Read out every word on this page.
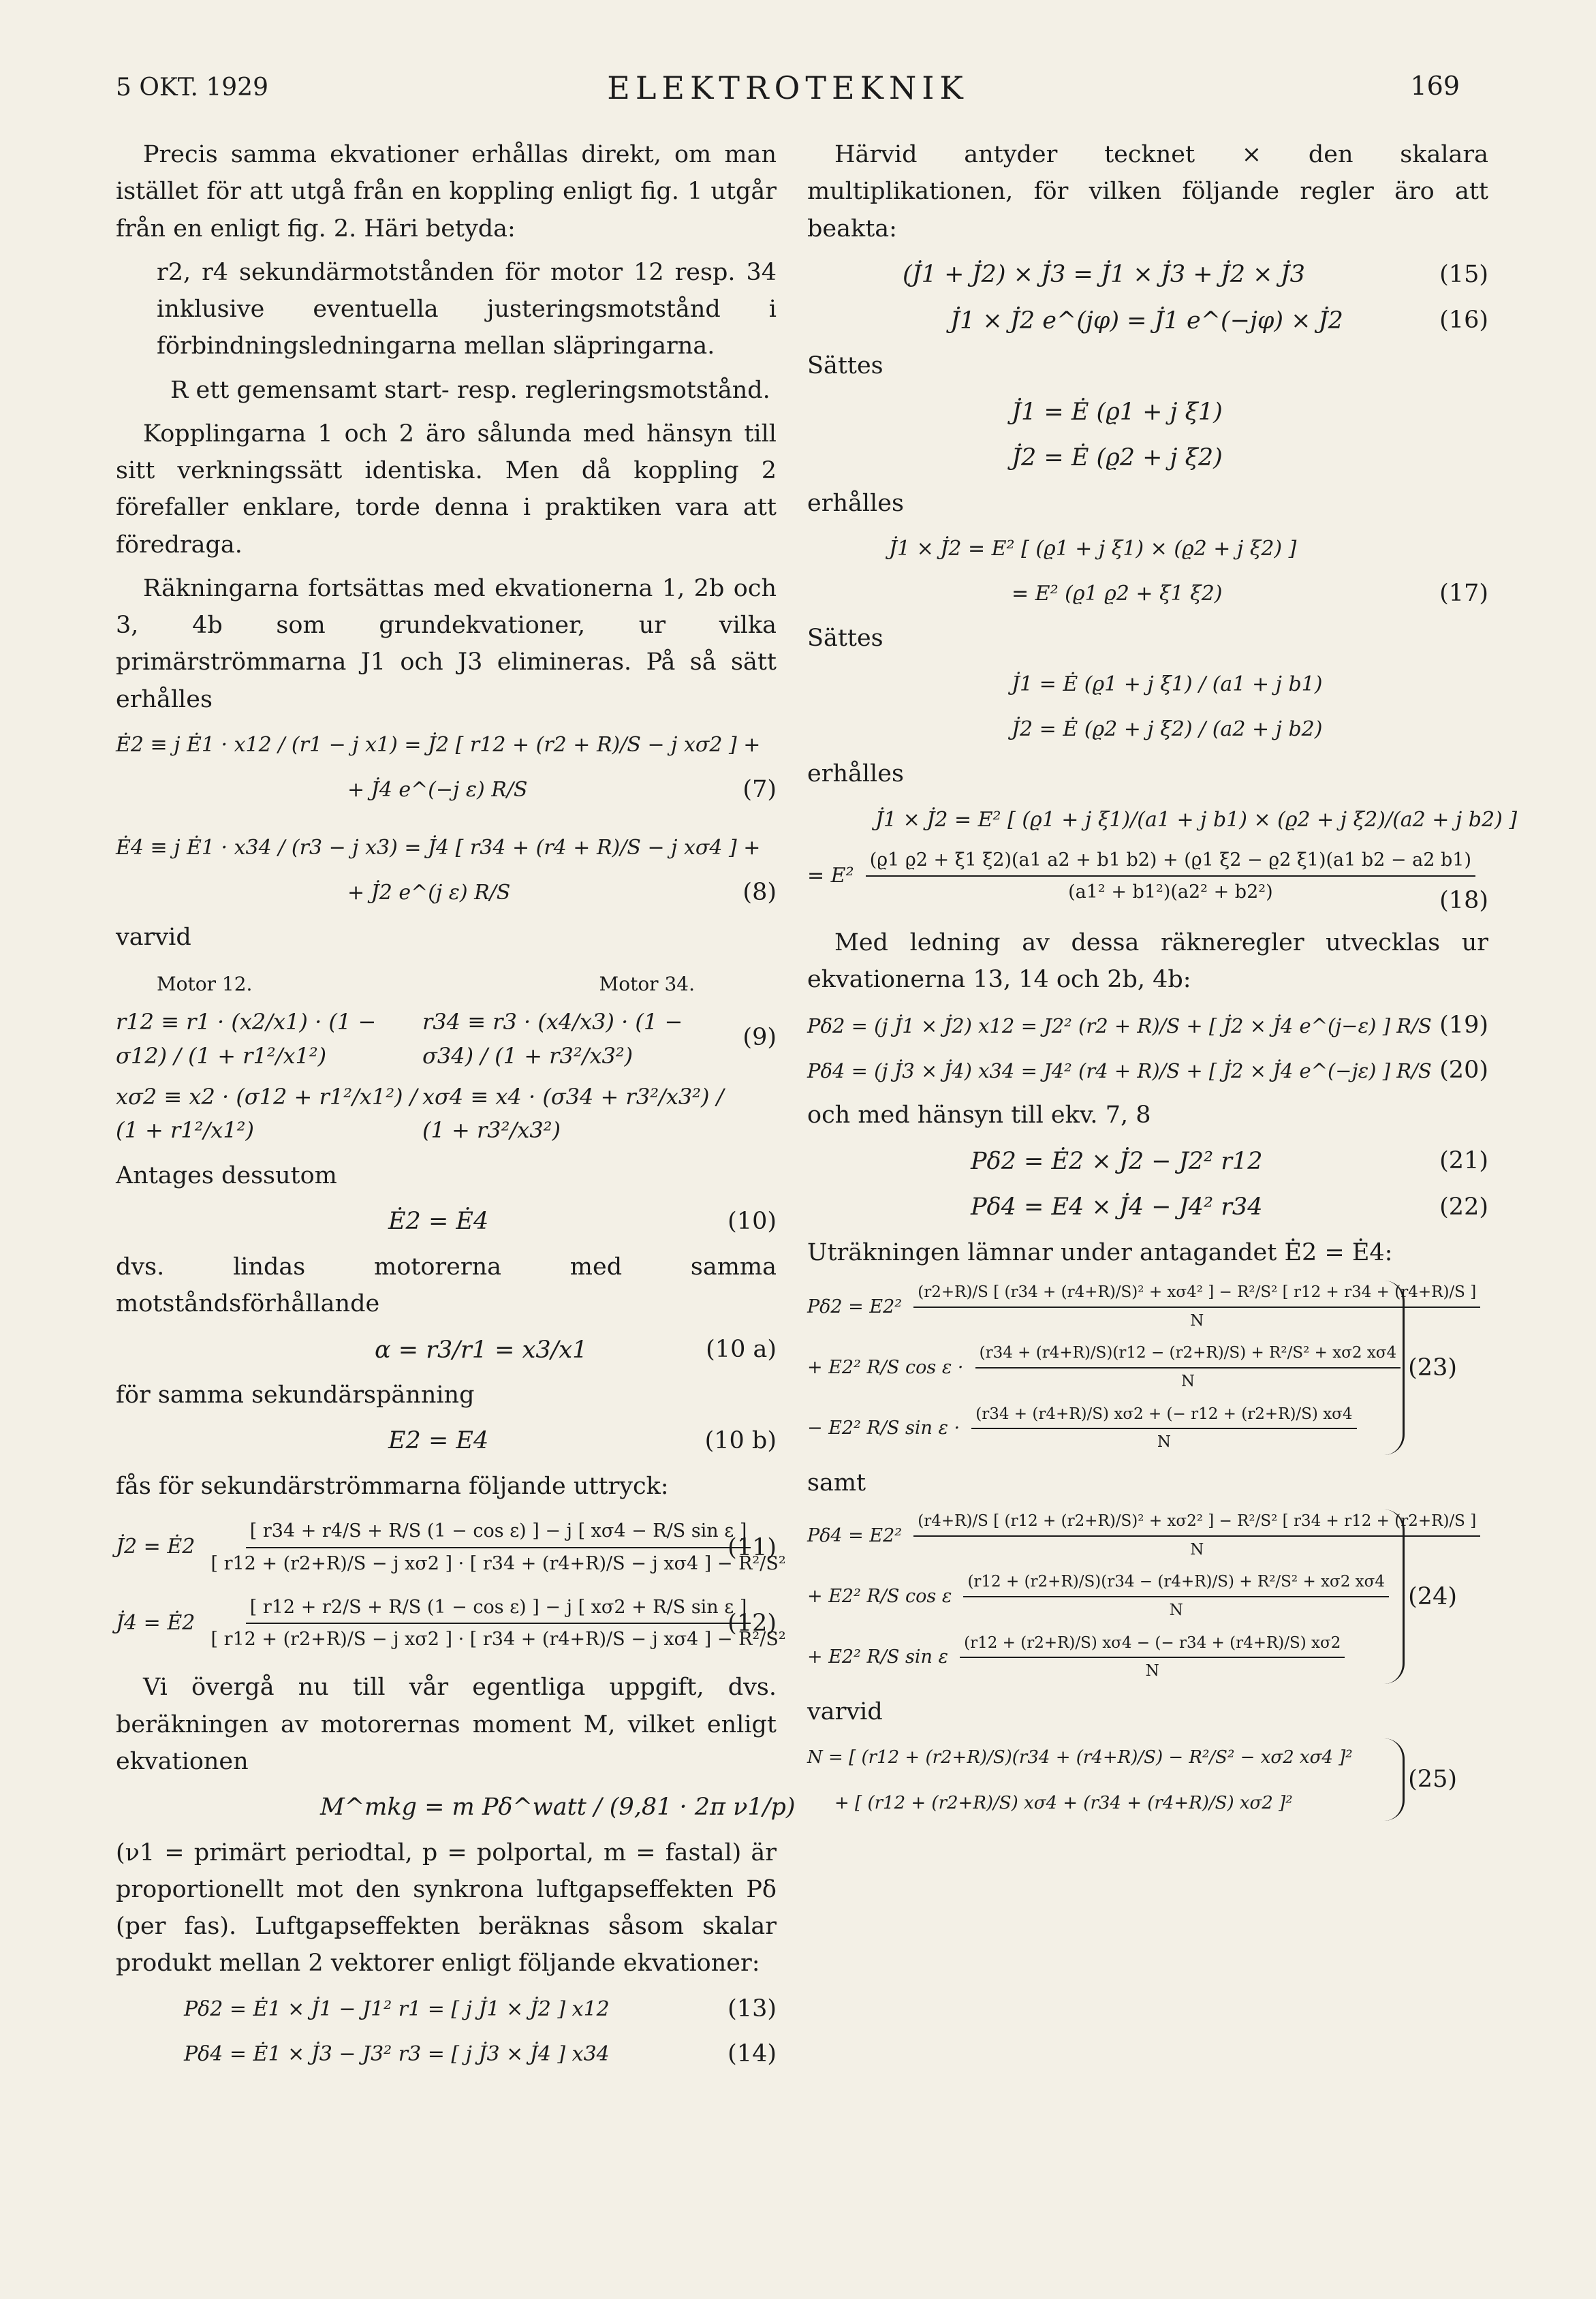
5 OKT. 1929	ELEKTROTEKNIK	169

Precis samma ekvationer erhållas direkt, om man istället för att utgå från en koppling enligt fig. 1 utgår från en enligt fig. 2. Häri betyda:

r2, r4 sekundärmotstånden för motor 12 resp. 34 inklusive eventuella justeringsmotstånd i förbindningsledningarna mellan släpringarna.

R ett gemensamt start- resp. regleringsmotstånd.

Kopplingarna 1 och 2 äro sålunda med hänsyn till sitt verkningssätt identiska. Men då koppling 2 förefaller enklare, torde denna i praktiken vara att föredraga.

Räkningarna fortsättas med ekvationerna 1, 2b och 3, 4b som grundekvationer, ur vilka primärströmmarna J1 och J3 elimineras. På så sätt erhålles

Ė2 ≡ j Ė1 · x12 / (r1 − j x1) = J̇2 [ r12 + (r2 + R)/S − j xσ2 ] +
+ J̇4 e^(−j ε) R/S	(7)
Ė4 ≡ j Ė1 · x34 / (r3 − j x3) = J̇4 [ r34 + (r4 + R)/S − j xσ4 ] +
+ J̇2 e^(j ε) R/S	(8)

varvid

Motor 12.	Motor 34.
r12 ≡ r1 · (x2/x1) · (1 − σ12) / (1 + r1²/x1²)
r34 ≡ r3 · (x4/x3) · (1 − σ34) / (1 + r3²/x3²)
xσ2 ≡ x2 · (σ12 + r1²/x1²) / (1 + r1²/x1²)
xσ4 ≡ x4 · (σ34 + r3²/x3²) / (1 + r3²/x3²)
(9)

Antages dessutom

Ė2 = Ė4	(10)

dvs. lindas motorerna med samma motståndsförhållande

α = r3/r1 = x3/x1	(10 a)

för samma sekundärspänning

E2 = E4	(10 b)

fås för sekundärströmmarna följande uttryck:

J̇2 = Ė2
[ r34 + r4/S + R/S (1 − cos ε) ] − j [ xσ4 − R/S sin ε ]
[ r12 + (r2+R)/S − j xσ2 ] · [ r34 + (r4+R)/S − j xσ4 ] − R²/S²
(11)
J̇4 = Ė2
[ r12 + r2/S + R/S (1 − cos ε) ] − j [ xσ2 + R/S sin ε ]
[ r12 + (r2+R)/S − j xσ2 ] · [ r34 + (r4+R)/S − j xσ4 ] − R²/S²
(12)

Vi övergå nu till vår egentliga uppgift, dvs. beräkningen av motorernas moment M, vilket enligt ekvationen

M^mkg = m Pδ^watt / (9,81 · 2π ν1/p)

(ν1 = primärt periodtal, p = polportal, m = fastal) är proportionellt mot den synkrona luftgapseffekten Pδ (per fas). Luftgapseffekten beräknas såsom skalar produkt mellan 2 vektorer enligt följande ekvationer:

Pδ2 = Ė1 × J̇1 − J1² r1 = [ j J̇1 × J̇2 ] x12	(13)
Pδ4 = Ė1 × J̇3 − J3² r3 = [ j J̇3 × J̇4 ] x34	(14)

Härvid antyder tecknet × den skalara multiplikationen, för vilken följande regler äro att beakta:

(J̇1 + J̇2) × J̇3 = J̇1 × J̇3 + J̇2 × J̇3	(15)
J̇1 × J̇2 e^(jφ) = J̇1 e^(−jφ) × J̇2	(16)

Sättes

J̇1 = Ė (ϱ1 + j ξ1)
J̇2 = Ė (ϱ2 + j ξ2)

erhålles

J̇1 × J̇2 = E² [ (ϱ1 + j ξ1) × (ϱ2 + j ξ2) ]
= E² (ϱ1 ϱ2 + ξ1 ξ2)	(17)

Sättes

J̇1 = Ė (ϱ1 + j ξ1) / (a1 + j b1)
J̇2 = Ė (ϱ2 + j ξ2) / (a2 + j b2)

erhålles

J̇1 × J̇2 = E² [ (ϱ1 + j ξ1)/(a1 + j b1) × (ϱ2 + j ξ2)/(a2 + j b2) ]
= E²
(ϱ1 ϱ2 + ξ1 ξ2)(a1 a2 + b1 b2) + (ϱ1 ξ2 − ϱ2 ξ1)(a1 b2 − a2 b1)
(a1² + b1²)(a2² + b2²)	(18)

Med ledning av dessa räkneregler utvecklas ur ekvationerna 13, 14 och 2b, 4b:

Pδ2 = (j J̇1 × J̇2) x12 = J2² (r2 + R)/S + [ J̇2 × J̇4 e^(j−ε) ] R/S (19)
Pδ4 = (j J̇3 × J̇4) x34 = J4² (r4 + R)/S + [ J̇2 × J̇4 e^(−jε) ] R/S (20)

och med hänsyn till ekv. 7, 8

Pδ2 = Ė2 × J̇2 − J2² r12	(21)
Pδ4 = E4 × J̇4 − J4² r34	(22)

Uträkningen lämnar under antagandet Ė2 = Ė4:

Pδ2 = E2²
(r2+R)/S [ (r34 + (r4+R)/S)² + xσ4² ] − R²/S² [ r12 + r34 + (r4+R)/S ]
N
+ E2² R/S $\cos \varepsilon \cdot \frac{\text{(r34 + (r4+R)/S)(r12 − (r2+R)/S) + R²/S² + xσ2 xσ4}}{N}$
− E2² R/S $\sin \varepsilon \cdot \frac{(r34 + (r4+R)/S) x\sigma 2 + (- r12 + (r2+R)/S) x\sigma 4}{N}$
(23)

samt

Pδ4 = E2²
(r4+R)/S [ (r12 + (r2+R)/S)² + xσ2² ] − R²/S² [ r34 + r12 + (r2+R)/S ]
N
+ E2² R/S cos ε $\frac{\text{(r12 + (r2+R)/S)(r34 − (r4+R)/S) + R²/S² + xσ2 xσ4}}{N}$
+ E2² R/S sin ε $\frac{(r12 + (r2+R)/S) x\sigma 4 - (- r34 + (r4+R)/S) x\sigma 2}{N}$
(24)

varvid

N = [ (r12 + (r2+R)/S)(r34 + (r4+R)/S) − R²/S² − xσ2 xσ4 ]²
+ [ (r12 + (r2+R)/S) xσ4 + (r34 + (r4+R)/S) xσ2 ]²
(25)
